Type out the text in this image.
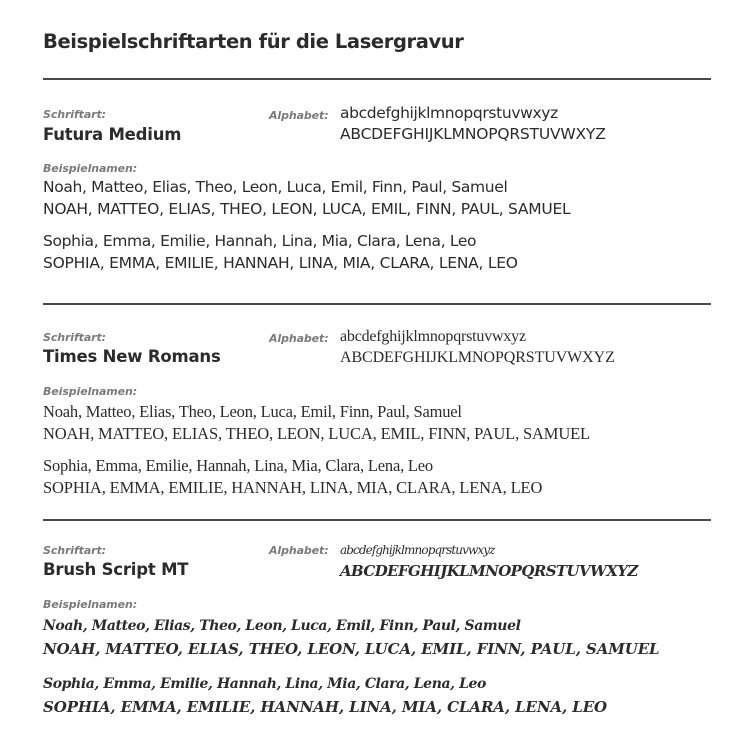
Beispielschriftarten für die Lasergravur
Schriftart:
Futura Medium
Alphabet: abcdefghijklmnopqrstuvwxyz
ABCDEFGHIJKLMNOPQRSTUVWXYZ
Beispielnamen:
Noah, Matteo, Elias, Theo, Leon, Luca, Emil, Finn, Paul, Samuel
NOAH, MATTEO, ELIAS, THEO, LEON, LUCA, EMIL, FINN, PAUL, SAMUEL
Sophia, Emma, Emilie, Hannah, Lina, Mia, Clara, Lena, Leo
SOPHIA, EMMA, EMILIE, HANNAH, LINA, MIA, CLARA, LENA, LEO
Schriftart:
Times New Romans
Alphabet: abcdefghijklmnopqrstuvwxyz
ABCDEFGHIJKLMNOPQRSTUVWXYZ
Beispielnamen:
Noah, Matteo, Elias, Theo, Leon, Luca, Emil, Finn, Paul, Samuel
NOAH, MATTEO, ELIAS, THEO, LEON, LUCA, EMIL, FINN, PAUL, SAMUEL
Sophia, Emma, Emilie, Hannah, Lina, Mia, Clara, Lena, Leo
SOPHIA, EMMA, EMILIE, HANNAH, LINA, MIA, CLARA, LENA, LEO
Schriftart:
Brush Script MT
Alphabet: abcdefghijklmnopqrstuvwxyz
ABCDEFGHIJKLMNOPQRSTUVWXYZ
Beispielnamen:
Noah, Matteo, Elias, Theo, Leon, Luca, Emil, Finn, Paul, Samuel
NOAH, MATTEO, ELIAS, THEO, LEON, LUCA, EMIL, FINN, PAUL, SAMUEL
Sophia, Emma, Emilie, Hannah, Lina, Mia, Clara, Lena, Leo
SOPHIA, EMMA, EMILIE, HANNAH, LINA, MIA, CLARA, LENA, LEO
